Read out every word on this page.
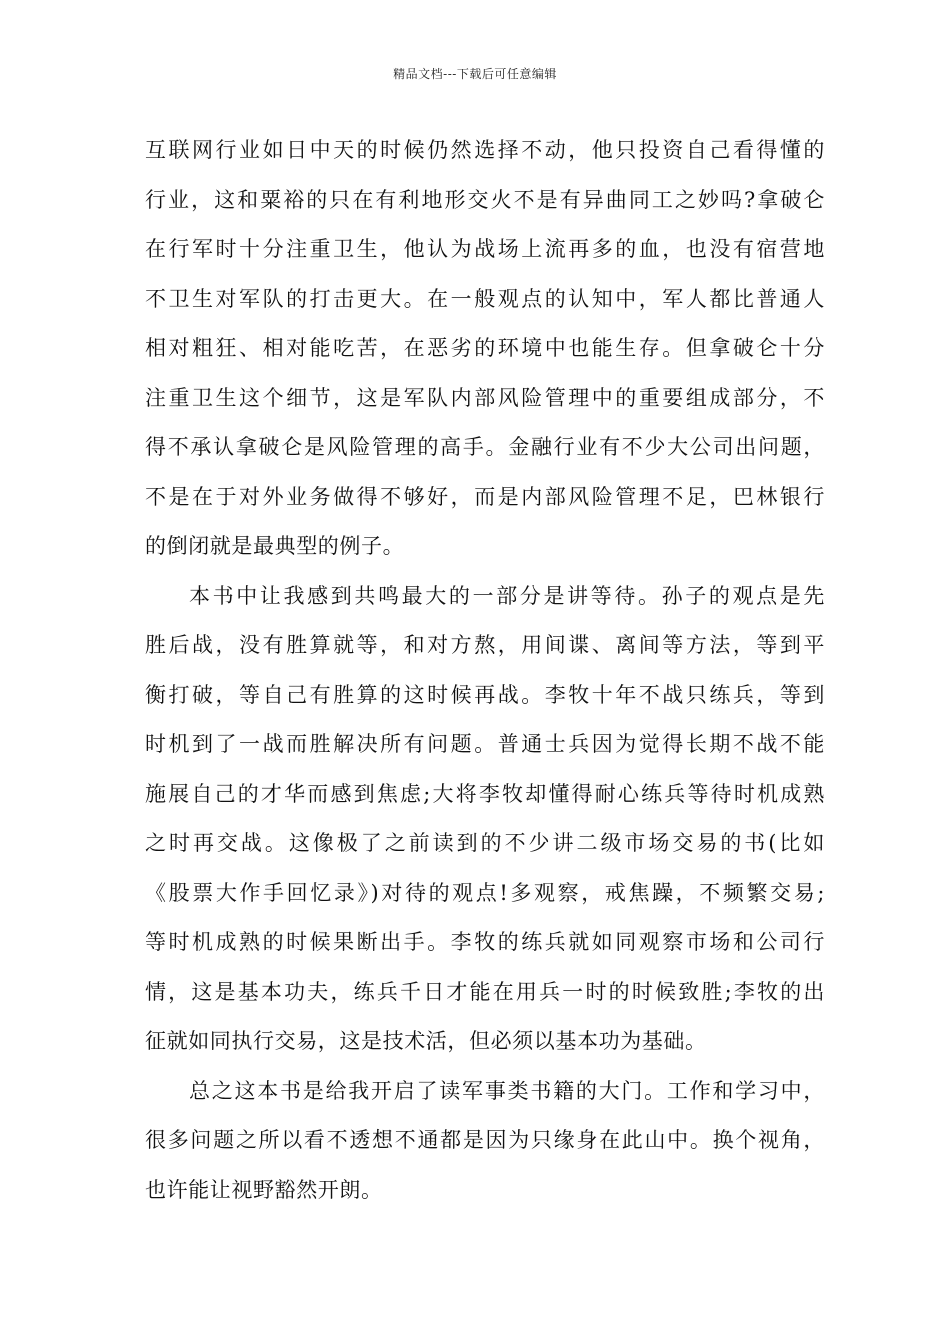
精品文档---下载后可任意编辑
互联网行业如日中天的时候仍然选择不动，他只投资自己看得懂的
行业，这和粟裕的只在有利地形交火不是有异曲同工之妙吗?拿破仑
在行军时十分注重卫生，他认为战场上流再多的血，也没有宿营地
不卫生对军队的打击更大。在一般观点的认知中，军人都比普通人
相对粗狂、相对能吃苦，在恶劣的环境中也能生存。但拿破仑十分
注重卫生这个细节，这是军队内部风险管理中的重要组成部分，不
得不承认拿破仑是风险管理的高手。金融行业有不少大公司出问题，
不是在于对外业务做得不够好，而是内部风险管理不足，巴林银行
的倒闭就是最典型的例子。
本书中让我感到共鸣最大的一部分是讲等待。孙子的观点是先
胜后战，没有胜算就等，和对方熬，用间谍、离间等方法，等到平
衡打破，等自己有胜算的这时候再战。李牧十年不战只练兵，等到
时机到了一战而胜解决所有问题。普通士兵因为觉得长期不战不能
施展自己的才华而感到焦虑;大将李牧却懂得耐心练兵等待时机成熟
之时再交战。这像极了之前读到的不少讲二级市场交易的书(比如
《股票大作手回忆录》)对待的观点!多观察，戒焦躁，不频繁交易;
等时机成熟的时候果断出手。李牧的练兵就如同观察市场和公司行
情，这是基本功夫，练兵千日才能在用兵一时的时候致胜;李牧的出
征就如同执行交易，这是技术活，但必须以基本功为基础。
总之这本书是给我开启了读军事类书籍的大门。工作和学习中，
很多问题之所以看不透想不通都是因为只缘身在此山中。换个视角，
也许能让视野豁然开朗。
